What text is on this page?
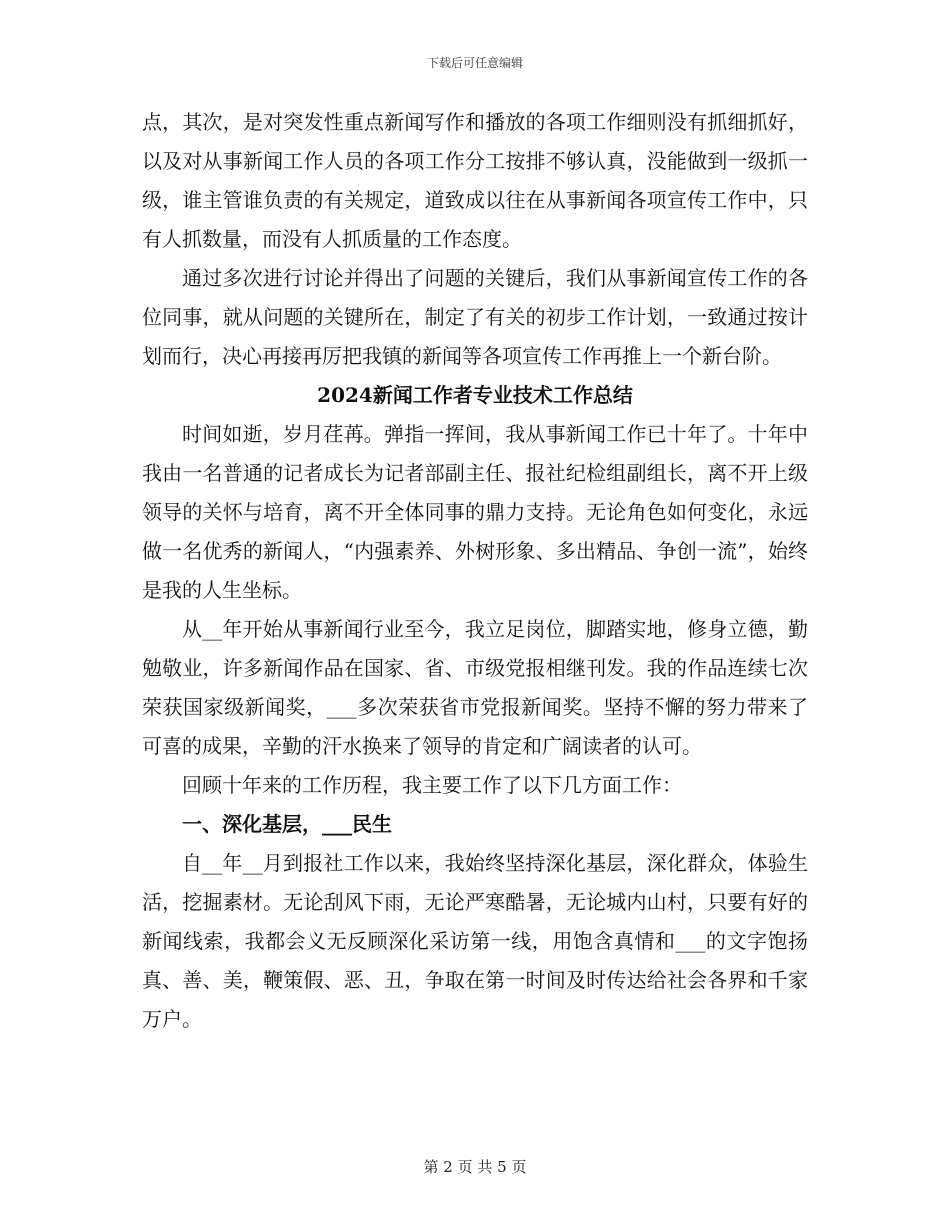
下载后可任意编辑

点，其次，是对突发性重点新闻写作和播放的各项工作细则没有抓细抓好，以及对从事新闻工作人员的各项工作分工按排不够认真，没能做到一级抓一级，谁主管谁负责的有关规定，道致成以往在从事新闻各项宣传工作中，只有人抓数量，而没有人抓质量的工作态度。

通过多次进行讨论并得出了问题的关键后，我们从事新闻宣传工作的各位同事，就从问题的关键所在，制定了有关的初步工作计划，一致通过按计划而行，决心再接再厉把我镇的新闻等各项宣传工作再推上一个新台阶。

2024新闻工作者专业技术工作总结

时间如逝，岁月荏苒。弹指一挥间，我从事新闻工作已十年了。十年中我由一名普通的记者成长为记者部副主任、报社纪检组副组长，离不开上级领导的关怀与培育，离不开全体同事的鼎力支持。无论角色如何变化，永远做一名优秀的新闻人，“内强素养、外树形象、多出精品、争创一流”，始终是我的人生坐标。

从__年开始从事新闻行业至今，我立足岗位，脚踏实地，修身立德，勤勉敬业，许多新闻作品在国家、省、市级党报相继刊发。我的作品连续七次荣获国家级新闻奖，___多次荣获省市党报新闻奖。坚持不懈的努力带来了可喜的成果，辛勤的汗水换来了领导的肯定和广阔读者的认可。

回顾十年来的工作历程，我主要工作了以下几方面工作：

一、深化基层，___民生

自__年__月到报社工作以来，我始终坚持深化基层，深化群众，体验生活，挖掘素材。无论刮风下雨，无论严寒酷暑，无论城内山村，只要有好的新闻线索，我都会义无反顾深化采访第一线，用饱含真情和___的文字饱扬真、善、美，鞭策假、恶、丑，争取在第一时间及时传达给社会各界和千家万户。

第 2 页 共 5 页
